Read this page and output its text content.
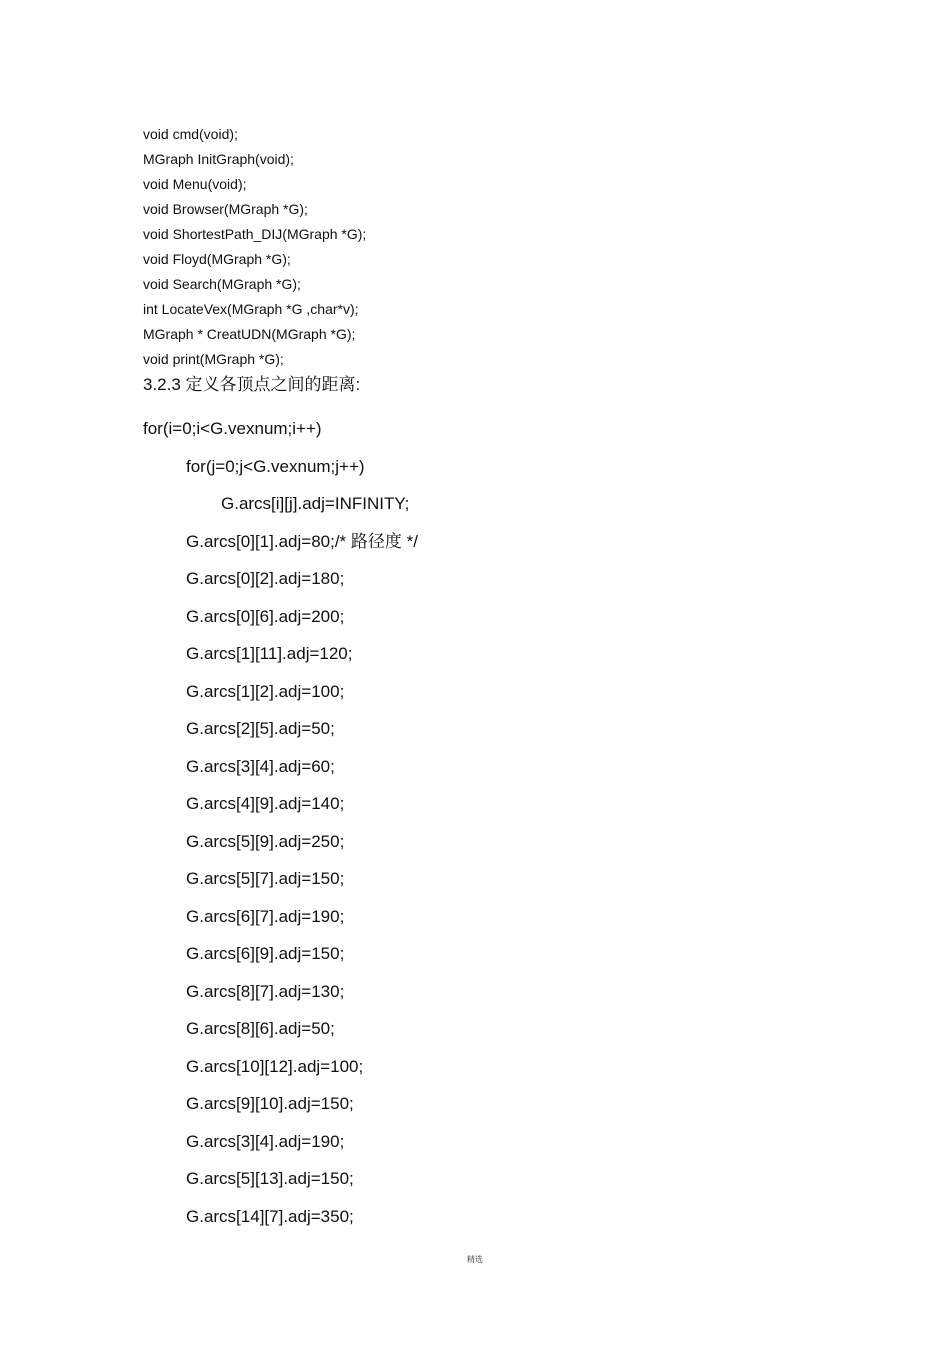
void cmd(void);
MGraph InitGraph(void);
void Menu(void);
void Browser(MGraph *G);
void ShortestPath_DIJ(MGraph *G);
void Floyd(MGraph *G);
void Search(MGraph *G);
int LocateVex(MGraph *G ,char*v);
MGraph * CreatUDN(MGraph *G);
void print(MGraph *G);
3.2.3 定义各顶点之间的距离:
for(i=0;i<G.vexnum;i++)
for(j=0;j<G.vexnum;j++)
G.arcs[i][j].adj=INFINITY;
G.arcs[0][1].adj=80;/* 路径度 */
G.arcs[0][2].adj=180;
G.arcs[0][6].adj=200;
G.arcs[1][11].adj=120;
G.arcs[1][2].adj=100;
G.arcs[2][5].adj=50;
G.arcs[3][4].adj=60;
G.arcs[4][9].adj=140;
G.arcs[5][9].adj=250;
G.arcs[5][7].adj=150;
G.arcs[6][7].adj=190;
G.arcs[6][9].adj=150;
G.arcs[8][7].adj=130;
G.arcs[8][6].adj=50;
G.arcs[10][12].adj=100;
G.arcs[9][10].adj=150;
G.arcs[3][4].adj=190;
G.arcs[5][13].adj=150;
G.arcs[14][7].adj=350;
精选
